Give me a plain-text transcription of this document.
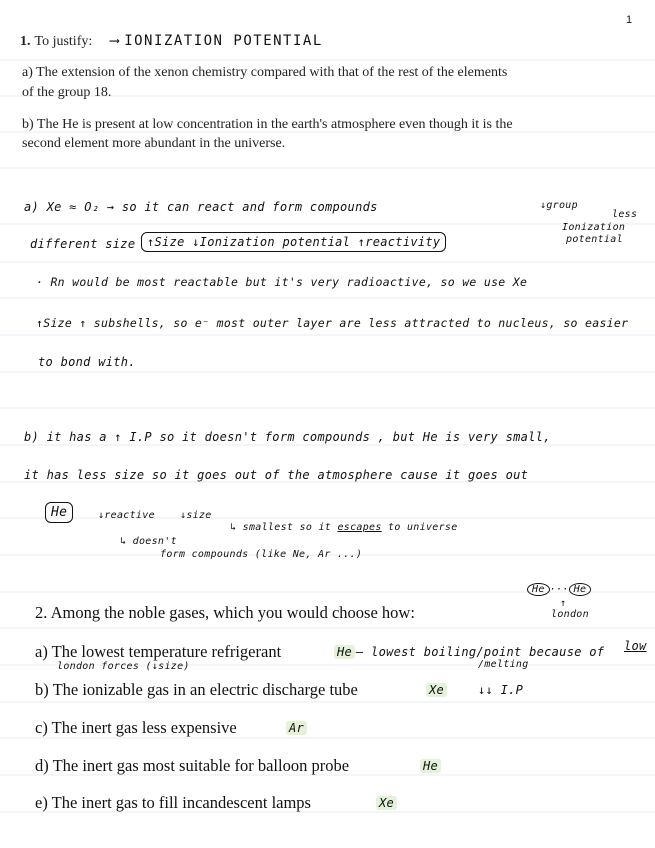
1
1. To justify: ⟶ IONIZATION POTENTIAL
a) The extension of the xenon chemistry compared with that of the rest of the elements
of the group 18.
b) The He is present at low concentration in the earth's atmosphere even though it is the
second element more abundant in the universe.
a) Xe ≈ O₂ → so it can react and form compounds	↓group
less
Ionization
potential
different size ↑Size ↓Ionization potential ↑reactivity
· Rn would be most reactable but it's very radioactive, so we use Xe
↑Size ↑ subshells, so e⁻ most outer layer are less attracted to nucleus, so easier
to bond with.
b) it has a ↑ I.P so it doesn't form compounds , but He is very small,
it has less size so it goes out of the atmosphere cause it goes out
He	↓reactive	↓size
↳ smallest so it escapes to universe
↳ doesn't
form compounds (like Ne, Ar ...)
2. Among the noble gases, which you would choose how:
He ··· He
↑
london
a) The lowest temperature refrigerant	He — lowest boiling/point because of low
/melting
london forces (↓size)
b) The ionizable gas in an electric discharge tube	Xe	↓↓ I.P
c) The inert gas less expensive	Ar
d) The inert gas most suitable for balloon probe	He
e) The inert gas to fill incandescent lamps	Xe
